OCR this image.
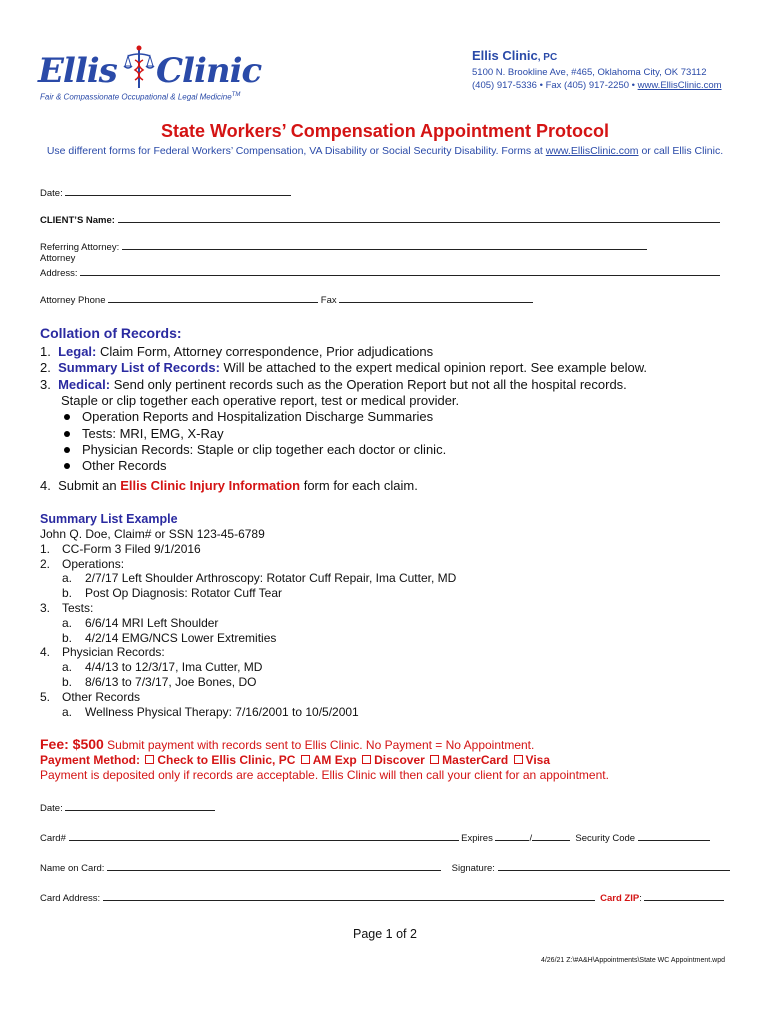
Ellis Clinic
Fair & Compassionate Occupational & Legal Medicine™
Ellis Clinic, PC
5100 N. Brookline Ave, #465, Oklahoma City, OK 73112
(405) 917-5336 • Fax (405) 917-2250 • www.EllisClinic.com
State Workers’ Compensation Appointment Protocol
Use different forms for Federal Workers’ Compensation, VA Disability or Social Security Disability. Forms at www.EllisClinic.com or call Ellis Clinic.
Date:
CLIENT’S Name:
Referring Attorney:
Attorney
Address:
Attorney Phone	Fax
Collation of Records:
1. Legal: Claim Form, Attorney correspondence, Prior adjudications
2. Summary List of Records: Will be attached to the expert medical opinion report. See example below.
3. Medical: Send only pertinent records such as the Operation Report but not all the hospital records.
Staple or clip together each operative report, test or medical provider.
Operation Reports and Hospitalization Discharge Summaries
Tests: MRI, EMG, X-Ray
Physician Records: Staple or clip together each doctor or clinic.
Other Records
4. Submit an Ellis Clinic Injury Information form for each claim.
Summary List Example
John Q. Doe, Claim# or SSN 123-45-6789
1. CC-Form 3 Filed 9/1/2016
2. Operations:
a. 2/7/17 Left Shoulder Arthroscopy: Rotator Cuff Repair, Ima Cutter, MD
b. Post Op Diagnosis: Rotator Cuff Tear
3. Tests:
a. 6/6/14 MRI Left Shoulder
b. 4/2/14 EMG/NCS Lower Extremities
4. Physician Records:
a. 4/4/13 to 12/3/17, Ima Cutter, MD
b. 8/6/13 to 7/3/17, Joe Bones, DO
5. Other Records
a. Wellness Physical Therapy: 7/16/2001 to 10/5/2001
Fee: $500 Submit payment with records sent to Ellis Clinic. No Payment = No Appointment.
Payment Method: Check to Ellis Clinic, PC AM Exp Discover MasterCard Visa
Payment is deposited only if records are acceptable. Ellis Clinic will then call your client for an appointment.
Date:
Card#	Expires	/	Security Code
Name on Card:	Signature:
Card Address:	Card ZIP:
Page 1 of 2
4/26/21 Z:\#A&H\Appointments\State WC Appointment.wpd
